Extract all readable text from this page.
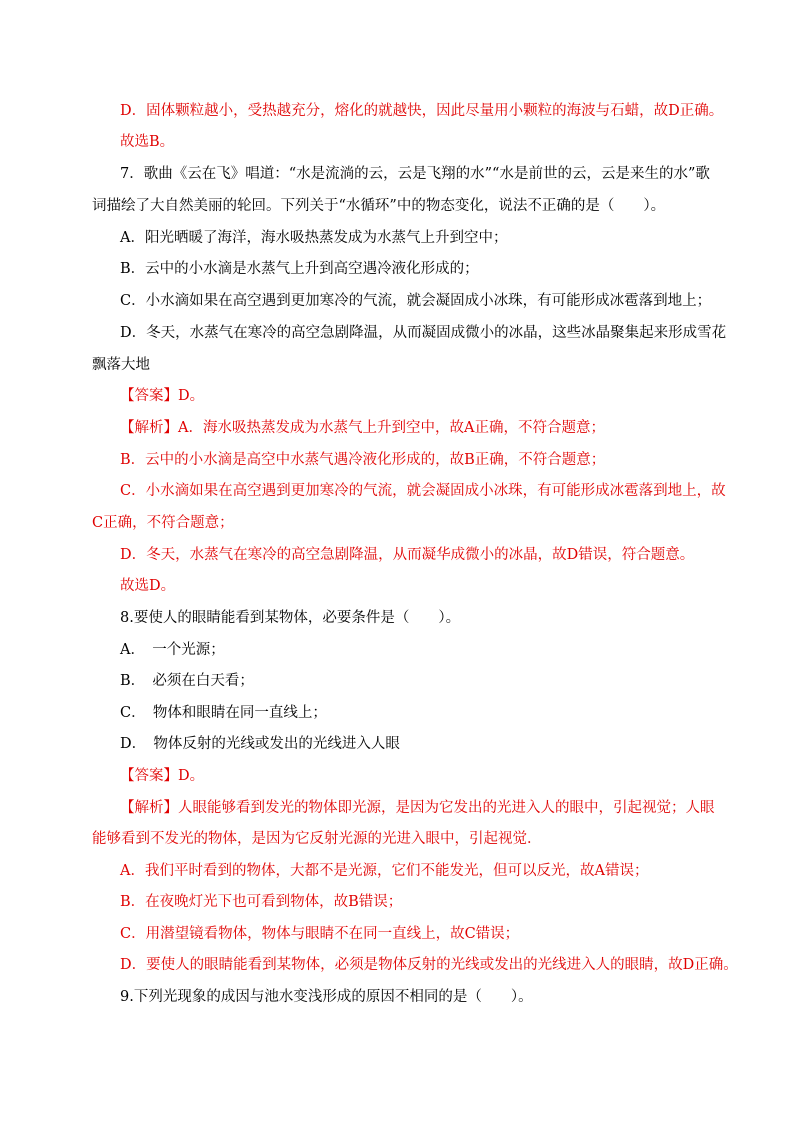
D．固体颗粒越小，受热越充分，熔化的就越快，因此尽量用小颗粒的海波与石蜡，故D正确。
故选B。
7．歌曲《云在飞》唱道：“水是流淌的云，云是飞翔的水”“水是前世的云，云是来生的水”歌
词描绘了大自然美丽的轮回。下列关于“水循环”中的物态变化，说法不正确的是（　　）。
A．阳光晒暖了海洋，海水吸热蒸发成为水蒸气上升到空中；
B．云中的小水滴是水蒸气上升到高空遇冷液化形成的；
C．小水滴如果在高空遇到更加寒冷的气流，就会凝固成小冰珠，有可能形成冰雹落到地上；
D．冬天，水蒸气在寒冷的高空急剧降温，从而凝固成微小的冰晶，这些冰晶聚集起来形成雪花
飘落大地
【答案】D。
【解析】A．海水吸热蒸发成为水蒸气上升到空中，故A正确，不符合题意；
B．云中的小水滴是高空中水蒸气遇冷液化形成的，故B正确，不符合题意；
C．小水滴如果在高空遇到更加寒冷的气流，就会凝固成小冰珠，有可能形成冰雹落到地上，故
C正确，不符合题意；
D．冬天，水蒸气在寒冷的高空急剧降温，从而凝华成微小的冰晶，故D错误，符合题意。
故选D。
8.要使人的眼睛能看到某物体，必要条件是（　　）。
A．　一个光源；
B．　必须在白天看；
C．　物体和眼睛在同一直线上；
D．　物体反射的光线或发出的光线进入人眼
【答案】D。
【解析】人眼能够看到发光的物体即光源，是因为它发出的光进入人的眼中，引起视觉；人眼
能够看到不发光的物体，是因为它反射光源的光进入眼中，引起视觉．
A．我们平时看到的物体，大都不是光源，它们不能发光，但可以反光，故A错误；
B．在夜晚灯光下也可看到物体，故B错误；
C．用潜望镜看物体，物体与眼睛不在同一直线上，故C错误；
D．要使人的眼睛能看到某物体，必须是物体反射的光线或发出的光线进入人的眼睛，故D正确。
9.下列光现象的成因与池水变浅形成的原因不相同的是（　　）。
